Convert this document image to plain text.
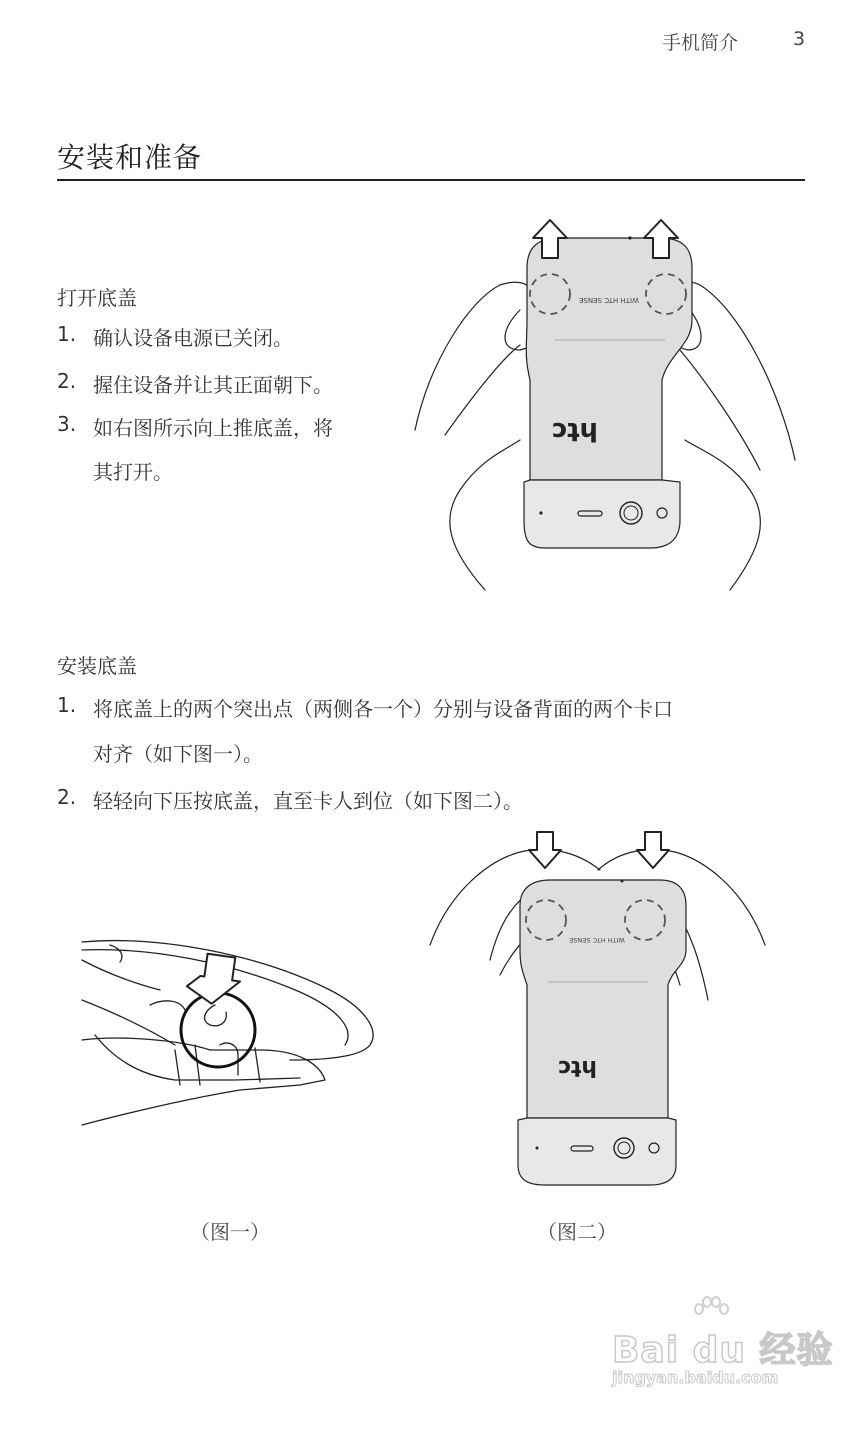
手机简介	3
安装和准备
打开底盖
1. 确认设备电源已关闭。
2. 握住设备并让其正面朝下。
3. 如右图所示向上推底盖，将
其打开。
htc
WITH HTC SENSE
安装底盖
1. 将底盖上的两个突出点（两侧各一个）分别与设备背面的两个卡口
对齐（如下图一）。
2. 轻轻向下压按底盖，直至卡人到位（如下图二）。
htc
WITH HTC SENSE
（图一）	（图二）
Bai du 经验
jingyan.baidu.com
